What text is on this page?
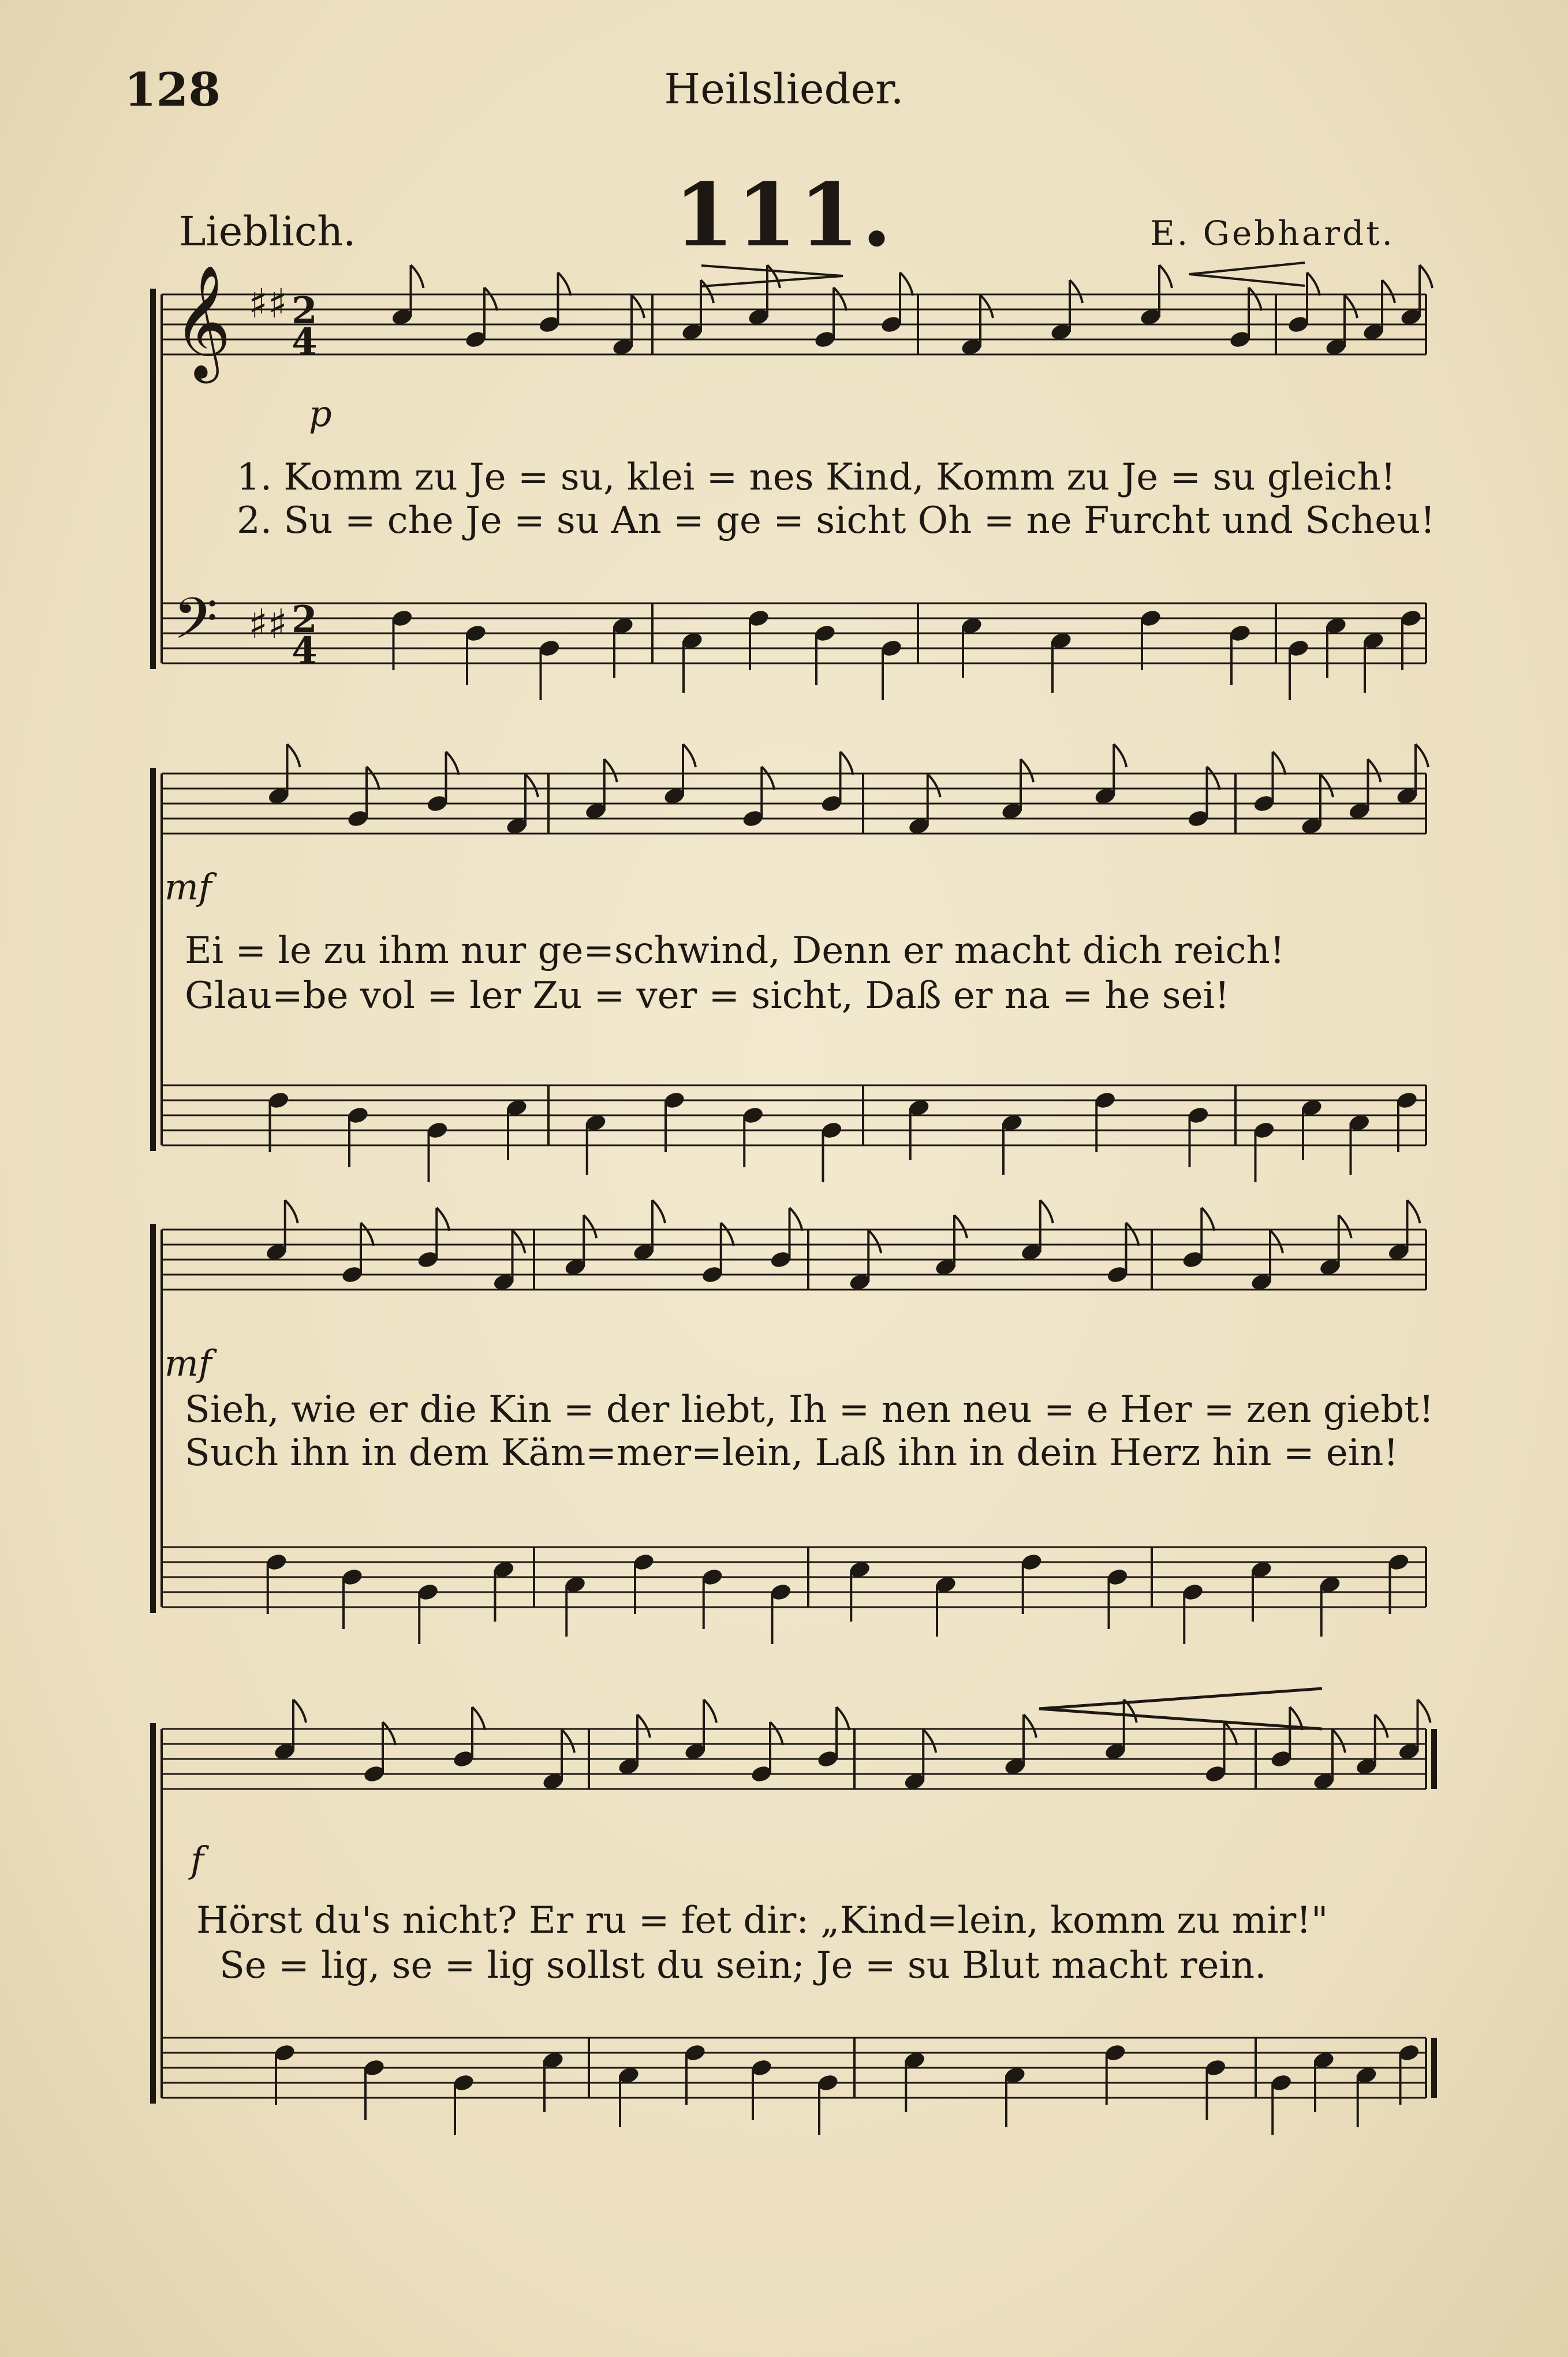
128	Heilslieder.
111.
Lieblich.	E. Gebhardt.
𝄞 ♯♯ 2
4
𝄢 ♯♯ 2
4
p
1. Komm zu Je = su, klei = nes Kind, Komm zu Je = su gleich!
2. Su = che Je = su An = ge = sicht Oh = ne Furcht und Scheu!
mf
Ei = le zu ihm nur ge=schwind, Denn er macht dich reich!
Glau=be vol = ler Zu = ver = sicht, Daß er na = he sei!
mf
Sieh, wie er die Kin = der liebt, Ih = nen neu = e Her = zen giebt!
Such ihn in dem Käm=mer=lein, Laß ihn in dein Herz hin = ein!
f
Hörst du's nicht? Er ru = fet dir: „Kind=lein, komm zu mir!"
Se = lig, se = lig sollst du sein; Je = su Blut macht rein.
